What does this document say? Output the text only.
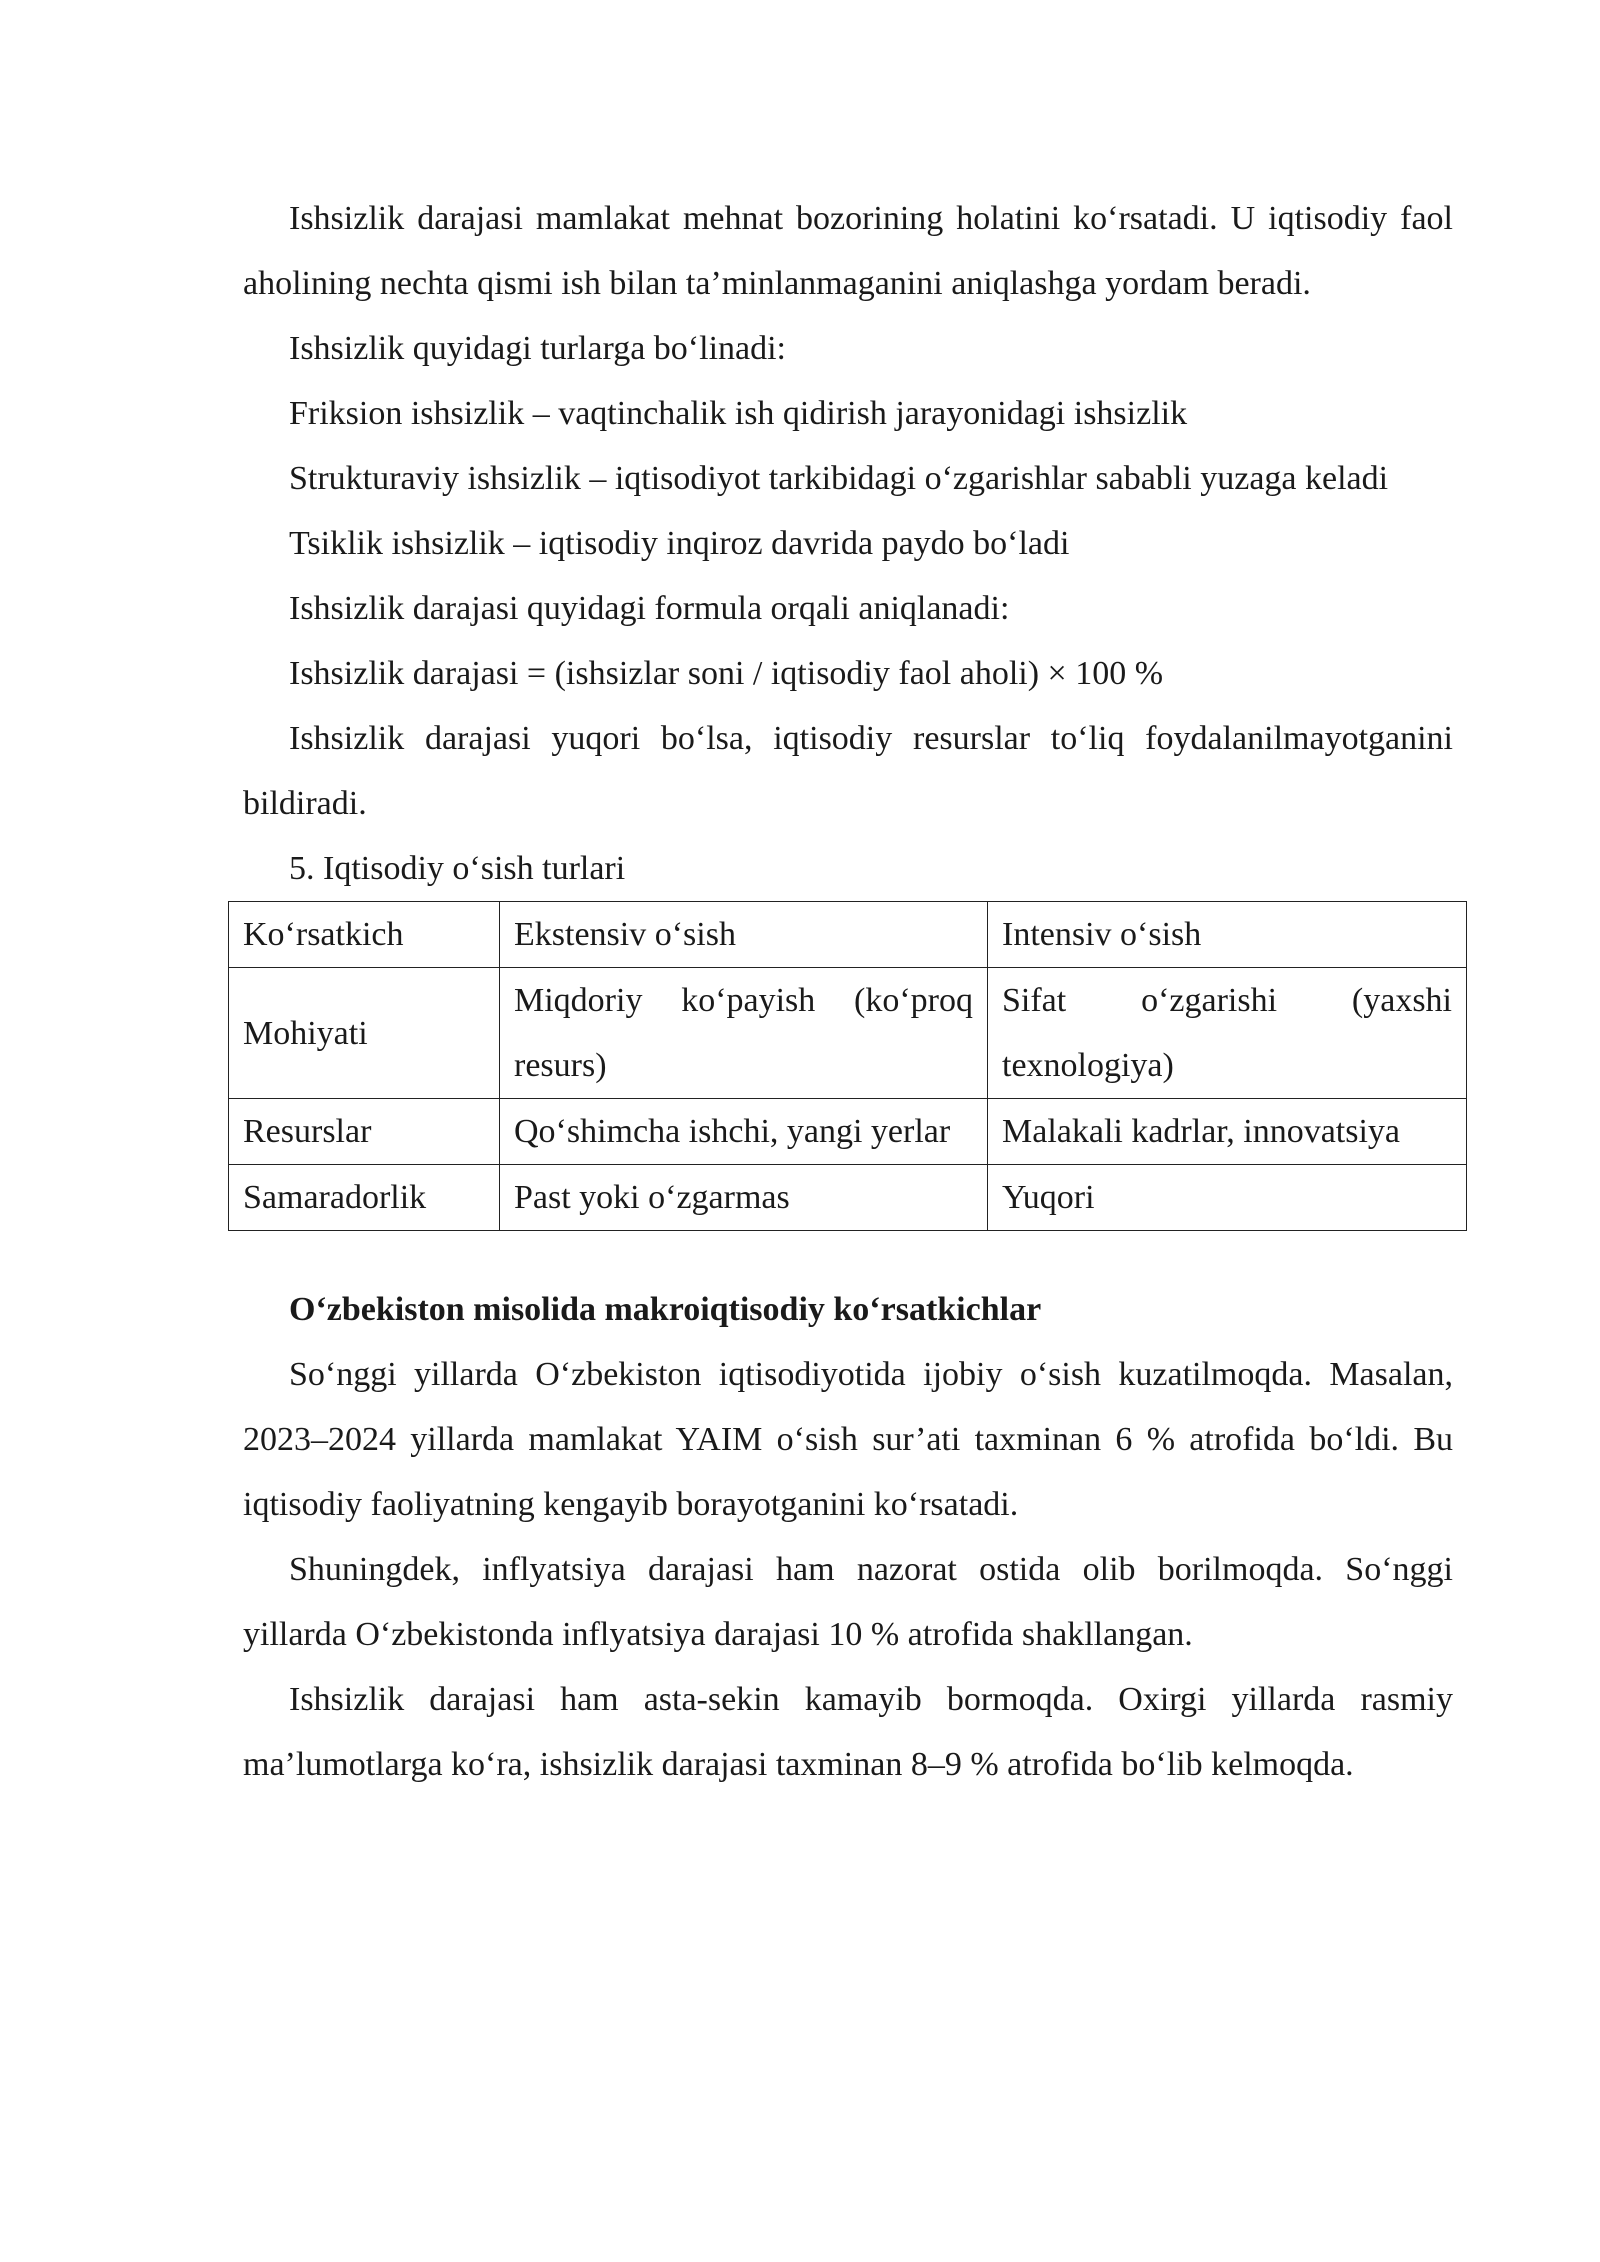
Ishsizlik darajasi mamlakat mehnat bozorining holatini ko‘rsatadi. U iqtisodiy faol aholining nechta qismi ish bilan ta’minlanmaganini aniqlashga yordam beradi.

Ishsizlik quyidagi turlarga bo‘linadi:

Friksion ishsizlik – vaqtinchalik ish qidirish jarayonidagi ishsizlik

Strukturaviy ishsizlik – iqtisodiyot tarkibidagi o‘zgarishlar sababli yuzaga keladi

Tsiklik ishsizlik – iqtisodiy inqiroz davrida paydo bo‘ladi

Ishsizlik darajasi quyidagi formula orqali aniqlanadi:

Ishsizlik darajasi = (ishsizlar soni / iqtisodiy faol aholi) × 100 %

Ishsizlik darajasi yuqori bo‘lsa, iqtisodiy resurslar to‘liq foydalanilmayotganini bildiradi.

5. Iqtisodiy o‘sish turlari

Ko‘rsatkich	Ekstensiv o‘sish	Intensiv o‘sish
Mohiyati	Miqdoriy ko‘payish (ko‘proq resurs)	Sifat o‘zgarishi (yaxshi texnologiya)
Resurslar	Qo‘shimcha ishchi, yangi yerlar	Malakali kadrlar, innovatsiya
Samaradorlik	Past yoki o‘zgarmas	Yuqori

O‘zbekiston misolida makroiqtisodiy ko‘rsatkichlar

So‘nggi yillarda O‘zbekiston iqtisodiyotida ijobiy o‘sish kuzatilmoqda. Masalan, 2023–2024 yillarda mamlakat YAIM o‘sish sur’ati taxminan 6 % atrofida bo‘ldi. Bu iqtisodiy faoliyatning kengayib borayotganini ko‘rsatadi.

Shuningdek, inflyatsiya darajasi ham nazorat ostida olib borilmoqda. So‘nggi yillarda O‘zbekistonda inflyatsiya darajasi 10 % atrofida shakllangan.

Ishsizlik darajasi ham asta-sekin kamayib bormoqda. Oxirgi yillarda rasmiy ma’lumotlarga ko‘ra, ishsizlik darajasi taxminan 8–9 % atrofida bo‘lib kelmoqda.
